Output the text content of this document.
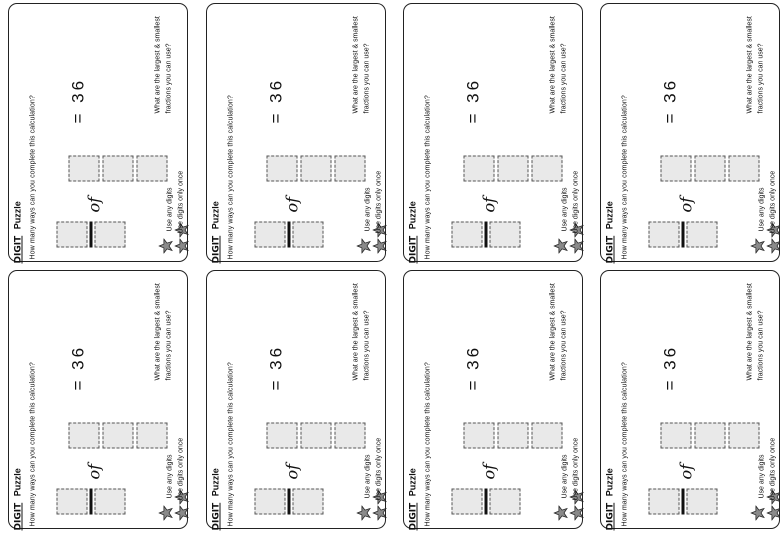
DIGIT Puzzle How many ways can you complete this calculation?	of
= 36
Use any digits Use digits only once
What are the largest & smallest fractions you can use?
DIGIT Puzzle How many ways can you complete this calculation?	of
= 36
Use any digits Use digits only once
What are the largest & smallest fractions you can use?
DIGIT Puzzle How many ways can you complete this calculation?	of
= 36
Use any digits Use digits only once
What are the largest & smallest fractions you can use?
DIGIT Puzzle How many ways can you complete this calculation?	of
= 36
Use any digits Use digits only once
What are the largest & smallest fractions you can use?
DIGIT Puzzle How many ways can you complete this calculation?	of
= 36
Use any digits Use digits only once
What are the largest & smallest fractions you can use?
DIGIT Puzzle How many ways can you complete this calculation?	of
= 36
Use any digits Use digits only once
What are the largest & smallest fractions you can use?
DIGIT Puzzle How many ways can you complete this calculation?	of
= 36
Use any digits Use digits only once
What are the largest & smallest fractions you can use?
DIGIT Puzzle How many ways can you complete this calculation?	of
= 36
Use any digits Use digits only once
What are the largest & smallest fractions you can use?
